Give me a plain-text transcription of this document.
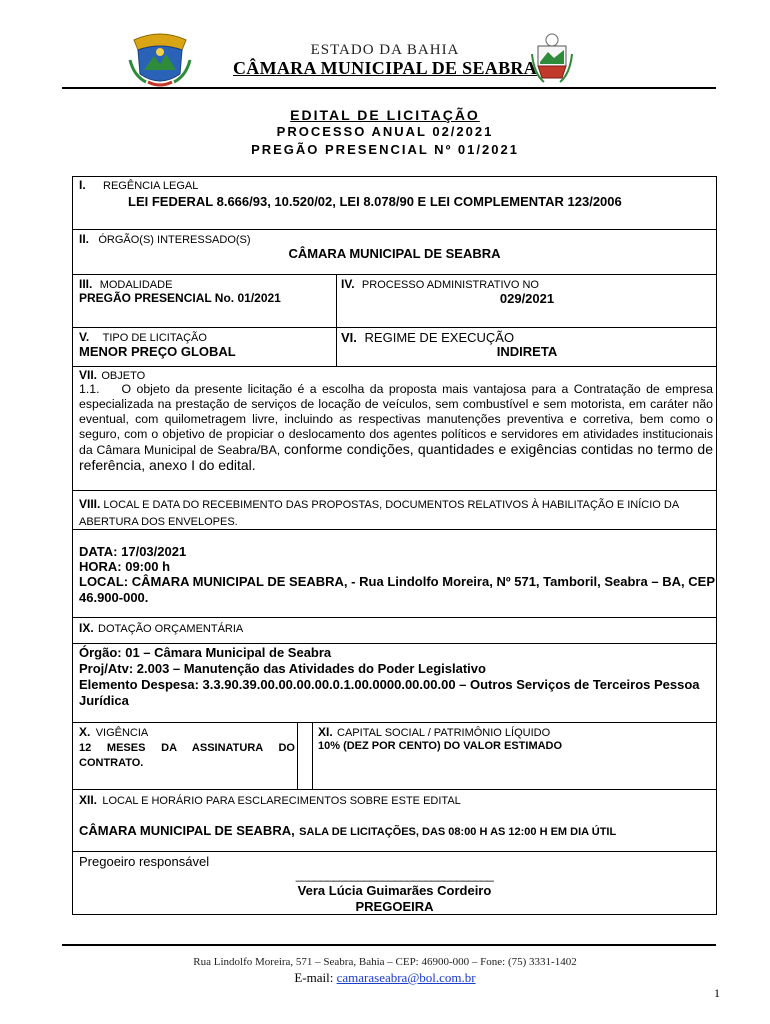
ESTADO DA BAHIA
CÂMARA MUNICIPAL DE SEABRA
EDITAL DE LICITAÇÃO
PROCESSO ANUAL 02/2021
PREGÃO PRESENCIAL Nº 01/2021
I. REGÊNCIA LEGAL
LEI FEDERAL 8.666/93, 10.520/02, LEI 8.078/90 E LEI COMPLEMENTAR 123/2006
II. ÓRGÃO(S) INTERESSADO(S)
CÂMARA MUNICIPAL DE SEABRA
III. MODALIDADE
PREGÃO PRESENCIAL No. 01/2021
IV. PROCESSO ADMINISTRATIVO NO
029/2021
V. TIPO DE LICITAÇÃO
MENOR PREÇO GLOBAL
VI. REGIME DE EXECUÇÃO
INDIRETA
VII. OBJETO
1.1. O objeto da presente licitação é a escolha da proposta mais vantajosa para a Contratação de empresa especializada na prestação de serviços de locação de veículos, sem combustível e sem motorista, em caráter não eventual, com quilometragem livre, incluindo as respectivas manutenções preventiva e corretiva, bem como o seguro, com o objetivo de propiciar o deslocamento dos agentes políticos e servidores em atividades institucionais da Câmara Municipal de Seabra/BA, conforme condições, quantidades e exigências contidas no termo de referência, anexo I do edital.
VIII. LOCAL E DATA DO RECEBIMENTO DAS PROPOSTAS, DOCUMENTOS RELATIVOS À HABILITAÇÃO E INÍCIO DA ABERTURA DOS ENVELOPES.
DATA: 17/03/2021
HORA: 09:00 h
LOCAL: CÂMARA MUNICIPAL DE SEABRA, - Rua Lindolfo Moreira, Nº 571, Tamboril, Seabra – BA, CEP 46.900-000.
IX. DOTAÇÃO ORÇAMENTÁRIA
Órgão: 01 – Câmara Municipal de Seabra
Proj/Atv: 2.003 – Manutenção das Atividades do Poder Legislativo
Elemento Despesa: 3.3.90.39.00.00.00.00.0.1.00.0000.00.00.00 – Outros Serviços de Terceiros Pessoa Jurídica
X. VIGÊNCIA
12 MESES DA ASSINATURA DO CONTRATO.
XI. CAPITAL SOCIAL / PATRIMÔNIO LÍQUIDO
10% (DEZ POR CENTO) DO VALOR ESTIMADO
XII. LOCAL E HORÁRIO PARA ESCLARECIMENTOS SOBRE ESTE EDITAL
CÂMARA MUNICIPAL DE SEABRA, SALA DE LICITAÇÕES, DAS 08:00 H AS 12:00 H EM DIA ÚTIL
Pregoeiro responsável
________________________________
Vera Lúcia Guimarães Cordeiro
PREGOEIRA
Rua Lindolfo Moreira, 571 – Seabra, Bahia – CEP: 46900-000 – Fone: (75) 3331-1402
E-mail: camaraseabra@bol.com.br
1
